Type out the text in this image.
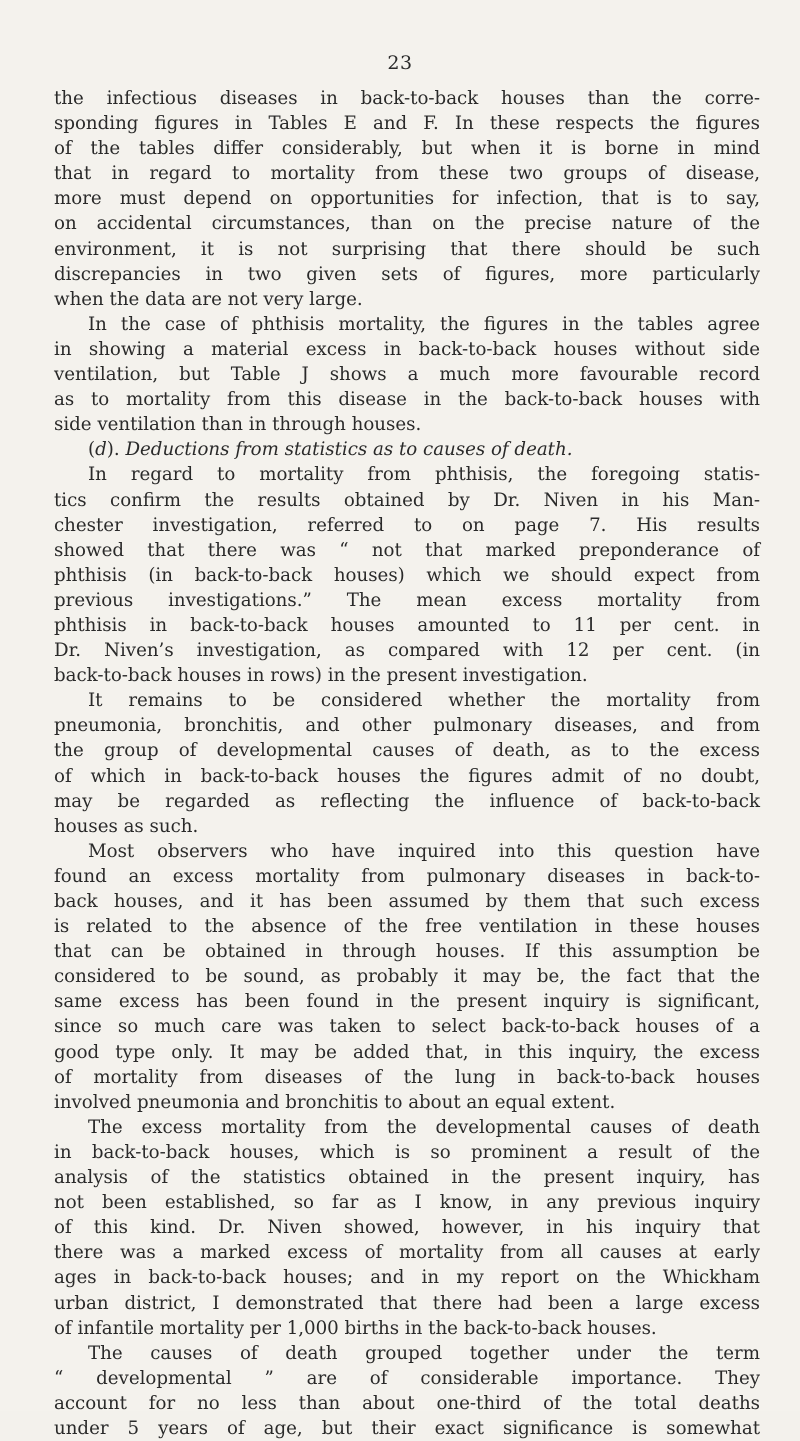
23
the infectious diseases in back-to-back houses than the corre-
sponding figures in Tables E and F. In these respects the figures
of the tables differ considerably, but when it is borne in mind
that in regard to mortality from these two groups of disease,
more must depend on opportunities for infection, that is to say,
on accidental circumstances, than on the precise nature of the
environment, it is not surprising that there should be such
discrepancies in two given sets of figures, more particularly
when the data are not very large.
In the case of phthisis mortality, the figures in the tables agree
in showing a material excess in back-to-back houses without side
ventilation, but Table J shows a much more favourable record
as to mortality from this disease in the back-to-back houses with
side ventilation than in through houses.
(d). Deductions from statistics as to causes of death.
In regard to mortality from phthisis, the foregoing statis-
tics confirm the results obtained by Dr. Niven in his Man-
chester investigation, referred to on page 7. His results
showed that there was “ not that marked preponderance of
phthisis (in back-to-back houses) which we should expect from
previous investigations.” The mean excess mortality from
phthisis in back-to-back houses amounted to 11 per cent. in
Dr. Niven’s investigation, as compared with 12 per cent. (in
back-to-back houses in rows) in the present investigation.
It remains to be considered whether the mortality from
pneumonia, bronchitis, and other pulmonary diseases, and from
the group of developmental causes of death, as to the excess
of which in back-to-back houses the figures admit of no doubt,
may be regarded as reflecting the influence of back-to-back
houses as such.
Most observers who have inquired into this question have
found an excess mortality from pulmonary diseases in back-to-
back houses, and it has been assumed by them that such excess
is related to the absence of the free ventilation in these houses
that can be obtained in through houses. If this assumption be
considered to be sound, as probably it may be, the fact that the
same excess has been found in the present inquiry is significant,
since so much care was taken to select back-to-back houses of a
good type only. It may be added that, in this inquiry, the excess
of mortality from diseases of the lung in back-to-back houses
involved pneumonia and bronchitis to about an equal extent.
The excess mortality from the developmental causes of death
in back-to-back houses, which is so prominent a result of the
analysis of the statistics obtained in the present inquiry, has
not been established, so far as I know, in any previous inquiry
of this kind. Dr. Niven showed, however, in his inquiry that
there was a marked excess of mortality from all causes at early
ages in back-to-back houses; and in my report on the Whickham
urban district, I demonstrated that there had been a large excess
of infantile mortality per 1,000 births in the back-to-back houses.
The causes of death grouped together under the term
“ developmental ” are of considerable importance. They
account for no less than about one-third of the total deaths
under 5 years of age, but their exact significance is somewhat
